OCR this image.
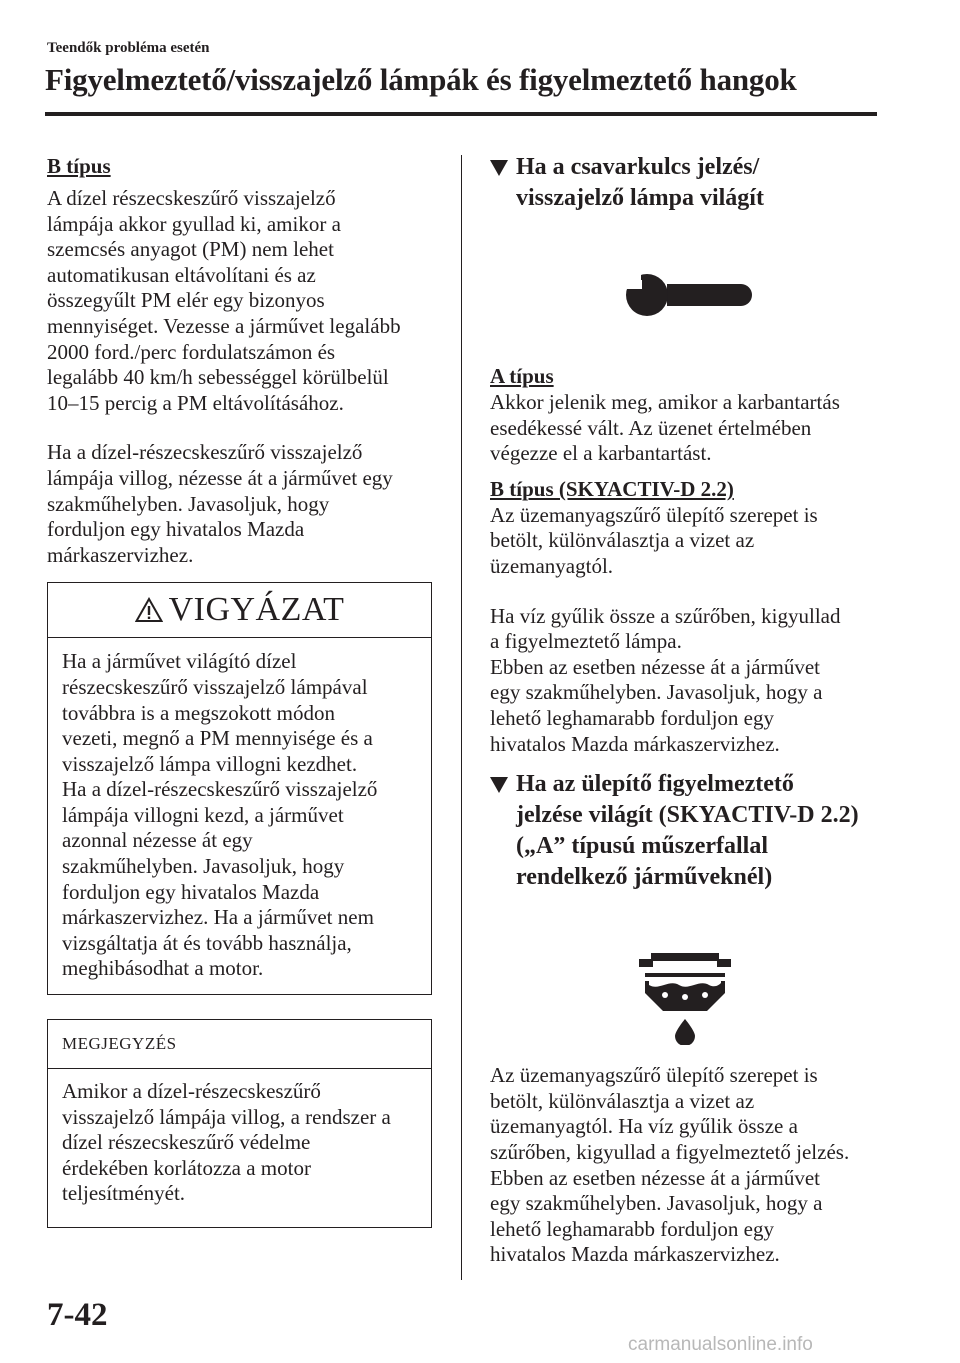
Teendők probléma esetén
Figyelmeztető/visszajelző lámpák és figyelmeztető hangok

B típus

A dízel részecskeszűrő visszajelző
lámpája akkor gyullad ki, amikor a
szemcsés anyagot (PM) nem lehet
automatikusan eltávolítani és az
összegyűlt PM elér egy bizonyos
mennyiséget. Vezesse a járművet legalább
2000 ford./perc fordulatszámon és
legalább 40 km/h sebességgel körülbelül
10–15 percig a PM eltávolításához.

Ha a dízel-részecskeszűrő visszajelző
lámpája villog, nézesse át a járművet egy
szakműhelyben. Javasoljuk, hogy
forduljon egy hivatalos Mazda
márkaszervizhez.

VIGYÁZAT
Ha a járművet világító dízel
részecskeszűrő visszajelző lámpával
továbbra is a megszokott módon
vezeti, megnő a PM mennyisége és a
visszajelző lámpa villogni kezdhet.
Ha a dízel-részecskeszűrő visszajelző
lámpája villogni kezd, a járművet
azonnal nézesse át egy
szakműhelyben. Javasoljuk, hogy
forduljon egy hivatalos Mazda
márkaszervizhez. Ha a járművet nem
vizsgáltatja át és tovább használja,
meghibásodhat a motor.
MEGJEGYZÉS
Amikor a dízel-részecskeszűrő
visszajelző lámpája villog, a rendszer a
dízel részecskeszűrő védelme
érdekében korlátozza a motor
teljesítményét.
Ha a csavarkulcs jelzés/
visszajelző lámpa világít

A típus

Akkor jelenik meg, amikor a karbantartás
esedékessé vált. Az üzenet értelmében
végezze el a karbantartást.

B típus (SKYACTIV-D 2.2)

Az üzemanyagszűrő ülepítő szerepet is
betölt, különválasztja a vizet az
üzemanyagtól.

Ha víz gyűlik össze a szűrőben, kigyullad
a figyelmeztető lámpa.
Ebben az esetben nézesse át a járművet
egy szakműhelyben. Javasoljuk, hogy a
lehető leghamarabb forduljon egy
hivatalos Mazda márkaszervizhez.

Ha az ülepítő figyelmeztető
jelzése világít (SKYACTIV-D 2.2)
(„A” típusú műszerfallal
rendelkező járműveknél)

Az üzemanyagszűrő ülepítő szerepet is
betölt, különválasztja a vizet az
üzemanyagtól. Ha víz gyűlik össze a
szűrőben, kigyullad a figyelmeztető jelzés.
Ebben az esetben nézesse át a járművet
egy szakműhelyben. Javasoljuk, hogy a
lehető leghamarabb forduljon egy
hivatalos Mazda márkaszervizhez.

7-42

carmanualsonline.info
